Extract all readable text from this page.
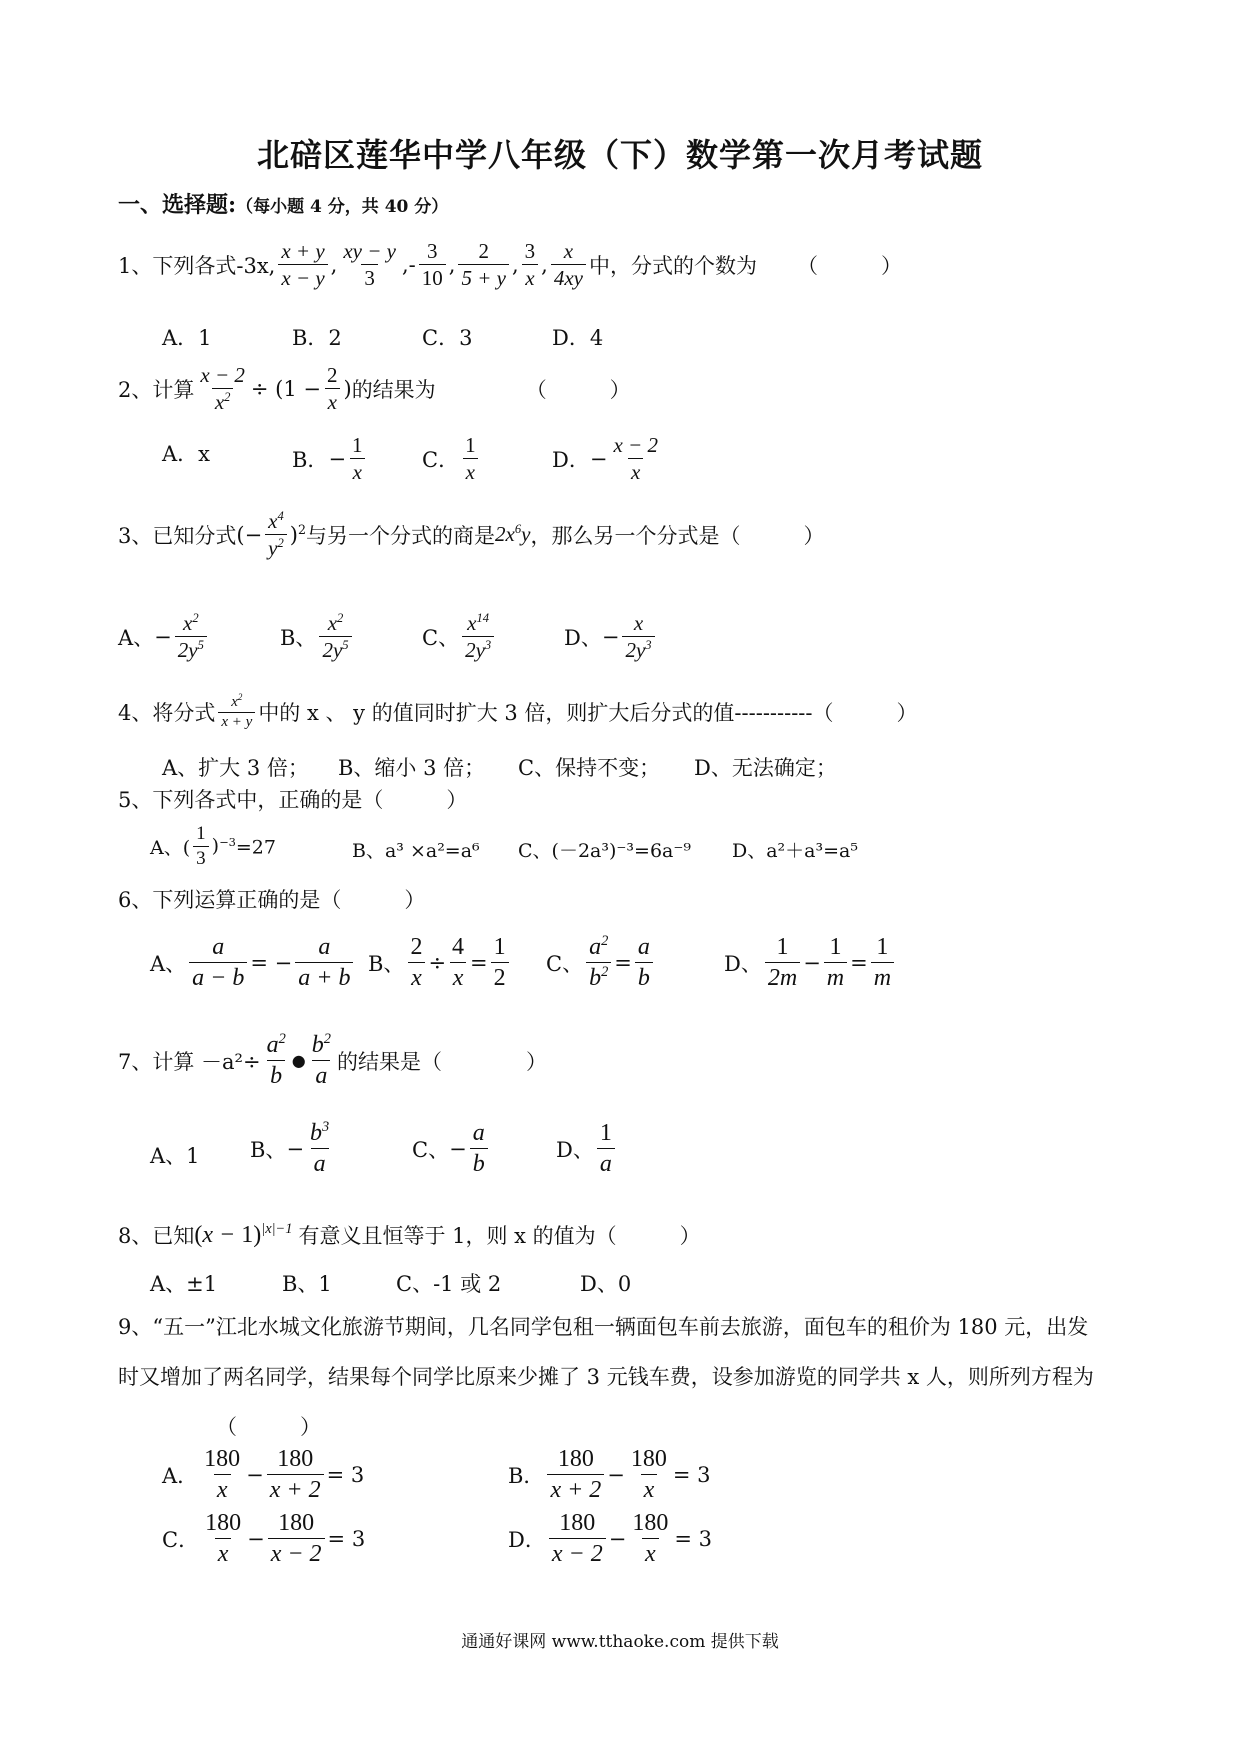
北碚区莲华中学八年级（下）数学第一次月考试题
一、选择题:（每小题 4 分，共 40 分）
1、下列各式-3x, $\frac{x + y}{x - y}$ , $\frac{xy - y}{3}$ ,- $\frac{3}{10}$ , $\frac{2}{5 + y}$ , $\frac{3}{x}$ , $\frac{x}{4xy}$ 中，分式的个数为 （　　　）
A．1	B．2	C．3	D．4
2、计算 $\frac{x - 2}{x^2} \div (1 - \frac{2}{x}$ ) 的结果为	（　　　）
A．x	B． − $\frac{1}{x}$	C． $\frac{1}{x}$	D． − $\frac{x - 2}{x}$
3、已知分式 (− $\frac{x^4}{y^2} )^2$ 与另一个分式的商是 $2x^6y$ ，那么另一个分式是（　　　）
A、 − $\frac{x^2}{2y^5}$	B、 $\frac{x^2}{2y^5}$	C、 $\frac{x^{14}}{2y^3}$	D、 − $\frac{x}{2y^3}$
4、将分式 $\frac{x^2}{x + y}$ 中的 x 、 y 的值同时扩大 3 倍，则扩大后分式的值-----------（　　　）
A、扩大 3 倍； B、缩小 3 倍； C、保持不变； D、无法确定；
5、下列各式中，正确的是（　　　）
A、( $\frac{1}{3}$ ) $^{-3}$=27	B、a³ ×a²=a⁶ C、(－2a³)⁻³=6a⁻⁹ D、a²＋a³=a⁵
6、下列运算正确的是（　　　）
A、 $\frac{a}{a - b}$ = − $\frac{a}{a + b}$ B、 $\frac{2}{x} \div \frac{4}{x} = \frac{1}{2}$ C、 $\frac{a^2}{b^2} = \frac{a}{b}$	D、 $\frac{1}{2m} - \frac{1}{m} = \frac{1}{m}$
7、计算 $-a^2\div \frac{a^2}{b}$ ● $\frac{b^2}{a}$ 的结果是（　　　　）
A、1 B、 − $\frac{b^3}{a}$	C、 − $\frac{a}{b}$	D、 $\frac{1}{a}$
8、已知 $(x - 1)^{|x|-1}$ 有意义且恒等于 1，则 x 的值为（　　　）
A、±1	B、1	C、-1 或 2	D、0
9、“五一”江北水城文化旅游节期间，几名同学包租一辆面包车前去旅游，面包车的租价为 180 元，出发
时又增加了两名同学，结果每个同学比原来少摊了 3 元钱车费，设参加游览的同学共 x 人，则所列方程为
（　　　）
A． $\frac{180}{x} - \frac{180}{x + 2} = 3$	B． $\frac{180}{x + 2} - \frac{180}{x} = 3$
C． $\frac{180}{x} - \frac{180}{x - 2} = 3$	D． $\frac{180}{x - 2} - \frac{180}{x} = 3$
通通好课网 www.tthaoke.com 提供下载
